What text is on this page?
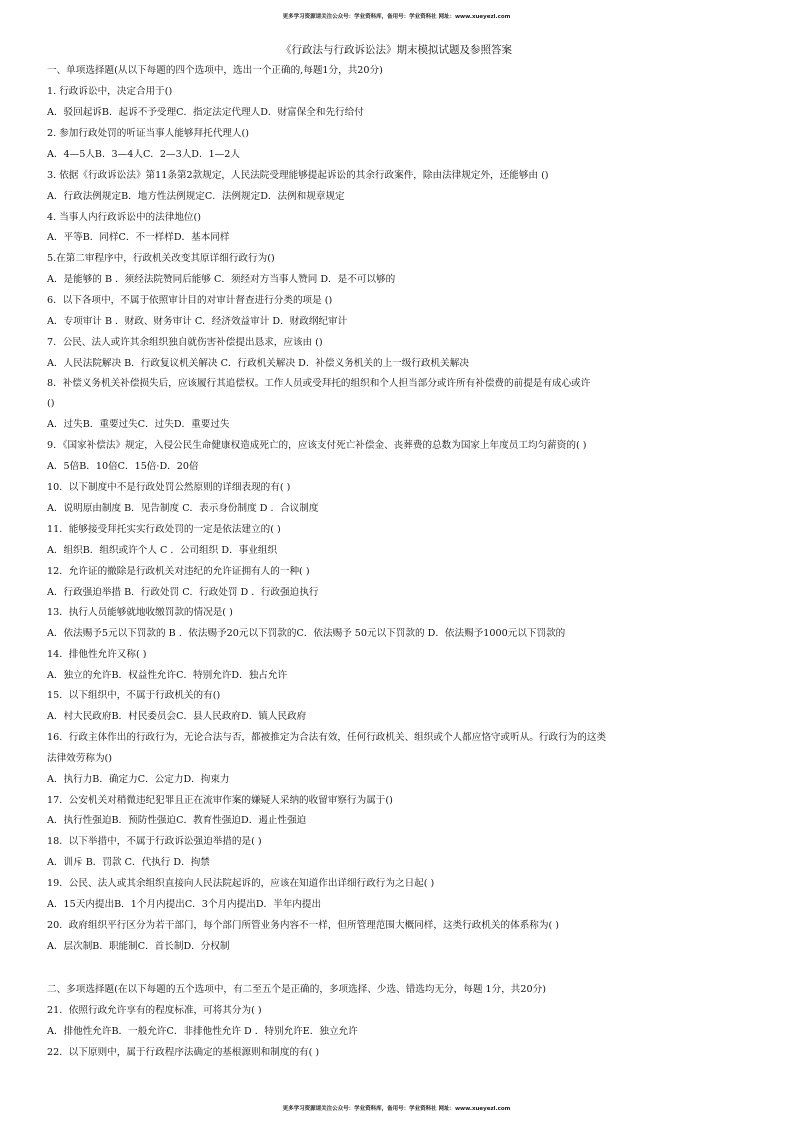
更多学习资源请关注公众号：学业资料库，备用号：学业资料社 网址：www.xueyezl.com
《行政法与行政诉讼法》期末模拟试题及参照答案
一、单项选择题(从以下每题的四个选项中，选出一个正确的,每题1分，共20分)
1. 行政诉讼中，决定合用于()
A．驳回起诉B．起诉不予受理C．指定法定代理人D．财富保全和先行给付
2. 参加行政处罚的听证当事人能够拜托代理人()
A．4—5人B．3—4人C．2—3人D．1—2人
3. 依据《行政诉讼法》第11条第2款规定，人民法院受理能够提起诉讼的其余行政案件，除由法律规定外，还能够由 ()
A．行政法例规定B．地方性法例规定C．法例规定D．法例和规章规定
4. 当事人内行政诉讼中的法律地位()
A．平等B．同样C．不一样样D．基本同样
5.在第二审程序中，行政机关改变其原详细行政行为()
A．是能够的 B ．须经法院赞同后能够 C．须经对方当事人赞同 D．是不可以够的
6．以下各项中，不属于依照审计目的对审计督查进行分类的项是 ()
A．专项审计 B ．财政、财务审计 C．经济效益审计 D．财政纲纪审计
7．公民、法人或许其余组织独自就伤害补偿提出恳求，应该由 ()
A．人民法院解决 B．行政复议机关解决 C．行政机关解决 D．补偿义务机关的上一级行政机关解决
8．补偿义务机关补偿损失后，应该履行其追偿权。工作人员或受拜托的组织和个人担当部分或许所有补偿费的前提是有成心或许
()
A．过失B．重要过失C．过失D．重要过失
9．《国家补偿法》规定，入侵公民生命健康权造成死亡的，应该支付死亡补偿金、丧葬费的总数为国家上年度员工均匀薪资的( )
A．5倍B．10倍C．15倍·D．20倍
10．以下制度中不是行政处罚公然原则的详细表现的有( )
A．说明原由制度 B．见告制度 C．表示身份制度 D ．合议制度
11．能够接受拜托实实行政处罚的一定是依法建立的( )
A．组织B．组织或许个人 C ．公司组织 D．事业组织
12．允许证的撤除是行政机关对违纪的允许证拥有人的一种( )
A．行政强迫举措 B．行政处罚 C．行政处罚 D ．行政强迫执行
13．执行人员能够就地收缴罚款的情况是( )
A．依法赐予5元以下罚款的 B ．依法赐予20元以下罚款的C．依法赐予 50元以下罚款的 D．依法赐予1000元以下罚款的
14．排他性允许又称( )
A．独立的允许B．权益性允许C．特别允许D．独占允许
15．以下组织中，不属于行政机关的有()
A．村大民政府B．村民委员会C．县人民政府D．镇人民政府
16．行政主体作出的行政行为，无论合法与否，都被推定为合法有效，任何行政机关、组织或个人都应恪守或听从。行政行为的这类
法律效劳称为()
A．执行力B．确定力C．公定力D．拘束力
17．公安机关对稍微违纪犯罪且正在流审作案的嫌疑人采纳的收留审察行为属于()
A．执行性强迫B．预防性强迫C．教育性强迫D．遏止性强迫
18．以下举措中，不属于行政诉讼强迫举措的是( )
A．训斥 B．罚款 C．代执行 D．拘禁
19．公民、法人或其余组织直接向人民法院起诉的，应该在知道作出详细行政行为之日起( )
A．15天内提出B．1个月内提出C．3个月内提出D．半年内提出
20．政府组织平行区分为若干部门，每个部门所管业务内容不一样，但所管理范围大概同样，这类行政机关的体系称为( )
A．层次制B．职能制C．首长制D．分权制
二、多项选择题(在以下每题的五个选项中，有二至五个是正确的，多项选择、少选、错选均无分，每题 1分，共20分)
21．依照行政允许享有的程度标准，可将其分为( )
A．排他性允许B．一般允许C．非排他性允许 D ．特别允许E．独立允许
22．以下原则中，属于行政程序法确定的基根源则和制度的有( )
更多学习资源请关注公众号：学业资料库，备用号：学业资料社 网址：www.xueyezl.com
